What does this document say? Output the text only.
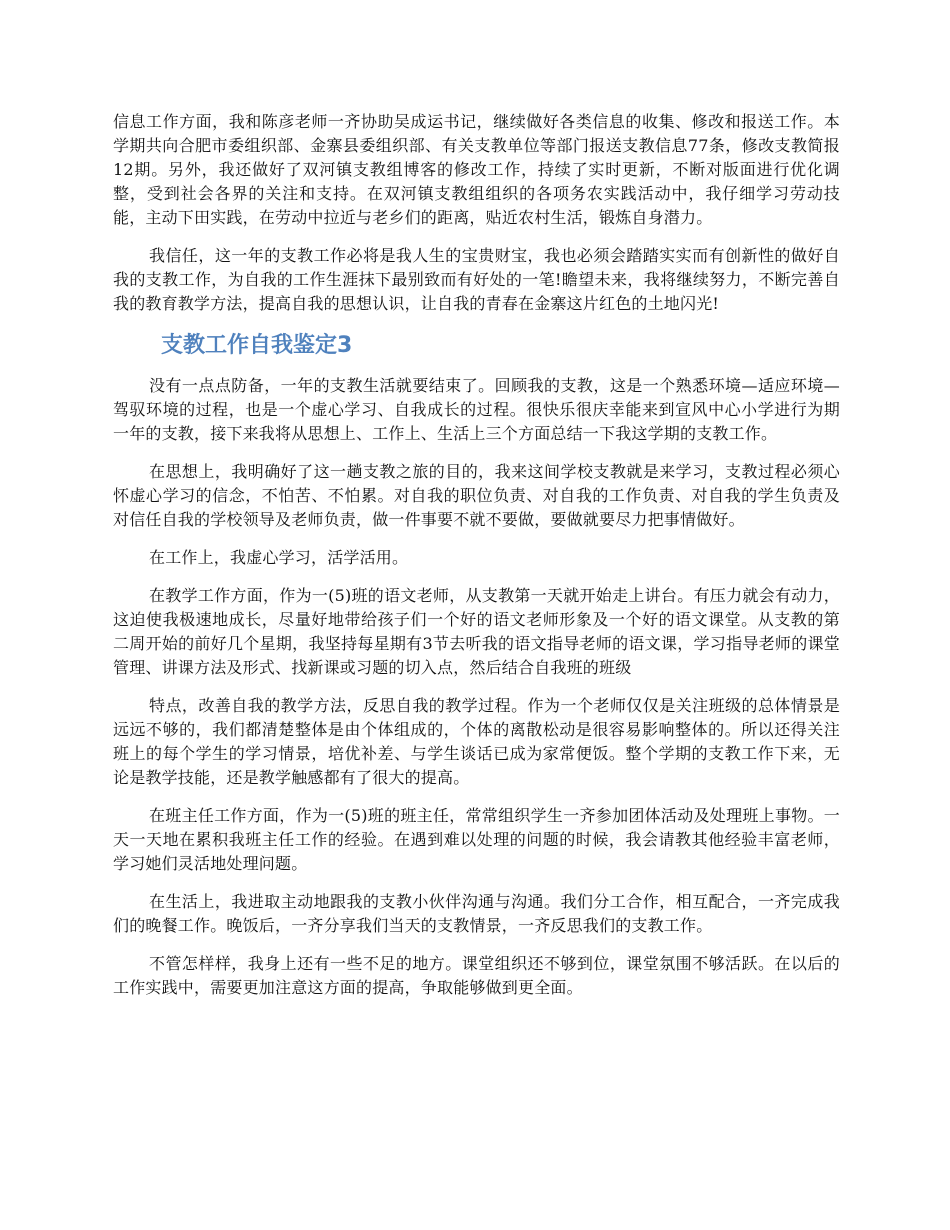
信息工作方面，我和陈彦老师一齐协助吴成运书记，继续做好各类信息的收集、修改和报送工作。本学期共向合肥市委组织部、金寨县委组织部、有关支教单位等部门报送支教信息77条，修改支教简报12期。另外，我还做好了双河镇支教组博客的修改工作，持续了实时更新，不断对版面进行优化调整，受到社会各界的关注和支持。在双河镇支教组组织的各项务农实践活动中，我仔细学习劳动技能，主动下田实践，在劳动中拉近与老乡们的距离，贴近农村生活，锻炼自身潜力。

我信任，这一年的支教工作必将是我人生的宝贵财宝，我也必须会踏踏实实而有创新性的做好自我的支教工作，为自我的工作生涯抹下最别致而有好处的一笔!瞻望未来，我将继续努力，不断完善自我的教育教学方法，提高自我的思想认识，让自我的青春在金寨这片红色的土地闪光!

支教工作自我鉴定3

没有一点点防备，一年的支教生活就要结束了。回顾我的支教，这是一个熟悉环境—适应环境—驾驭环境的过程，也是一个虚心学习、自我成长的过程。很快乐很庆幸能来到宣风中心小学进行为期一年的支教，接下来我将从思想上、工作上、生活上三个方面总结一下我这学期的支教工作。

在思想上，我明确好了这一趟支教之旅的目的，我来这间学校支教就是来学习，支教过程必须心怀虚心学习的信念，不怕苦、不怕累。对自我的职位负责、对自我的工作负责、对自我的学生负责及对信任自我的学校领导及老师负责，做一件事要不就不要做，要做就要尽力把事情做好。

在工作上，我虚心学习，活学活用。

在教学工作方面，作为一(5)班的语文老师，从支教第一天就开始走上讲台。有压力就会有动力，这迫使我极速地成长，尽量好地带给孩子们一个好的语文老师形象及一个好的语文课堂。从支教的第二周开始的前好几个星期，我坚持每星期有3节去听我的语文指导老师的语文课，学习指导老师的课堂管理、讲课方法及形式、找新课或习题的切入点，然后结合自我班的班级

特点，改善自我的教学方法，反思自我的教学过程。作为一个老师仅仅是关注班级的总体情景是远远不够的，我们都清楚整体是由个体组成的，个体的离散松动是很容易影响整体的。所以还得关注班上的每个学生的学习情景，培优补差、与学生谈话已成为家常便饭。整个学期的支教工作下来，无论是教学技能，还是教学触感都有了很大的提高。

在班主任工作方面，作为一(5)班的班主任，常常组织学生一齐参加团体活动及处理班上事物。一天一天地在累积我班主任工作的经验。在遇到难以处理的问题的时候，我会请教其他经验丰富老师，学习她们灵活地处理问题。

在生活上，我进取主动地跟我的支教小伙伴沟通与沟通。我们分工合作，相互配合，一齐完成我们的晚餐工作。晚饭后，一齐分享我们当天的支教情景，一齐反思我们的支教工作。

不管怎样样，我身上还有一些不足的地方。课堂组织还不够到位，课堂氛围不够活跃。在以后的工作实践中，需要更加注意这方面的提高，争取能够做到更全面。
